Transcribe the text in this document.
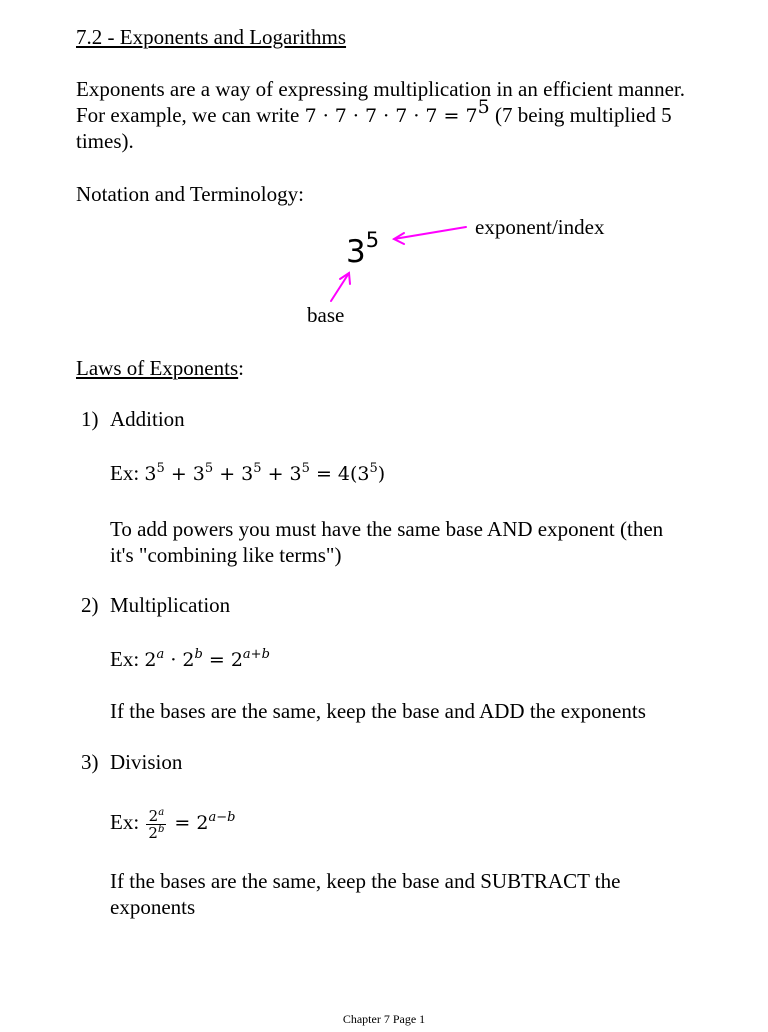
7.2 - Exponents and Logarithms
Exponents are a way of expressing multiplication in an efficient manner.
For example, we can write $7 \cdot 7 \cdot 7 \cdot 7 \cdot 7 = 7^5$ (7 being multiplied 5
times).
Notation and Terminology:
$3^5$
exponent/index
base
Laws of Exponents:
1) Addition
Ex: $3^5 + 3^5 + 3^5 + 3^5 = 4(3^5)$
To add powers you must have the same base AND exponent (then
it's "combining like terms")
2) Multiplication
Ex: $2^a \cdot 2^b = 2^{a+b}$
If the bases are the same, keep the base and ADD the exponents
3) Division
Ex: $\frac{2^a}{2^b} = 2^{a-b}$
If the bases are the same, keep the base and SUBTRACT the
exponents
Chapter 7 Page 1
